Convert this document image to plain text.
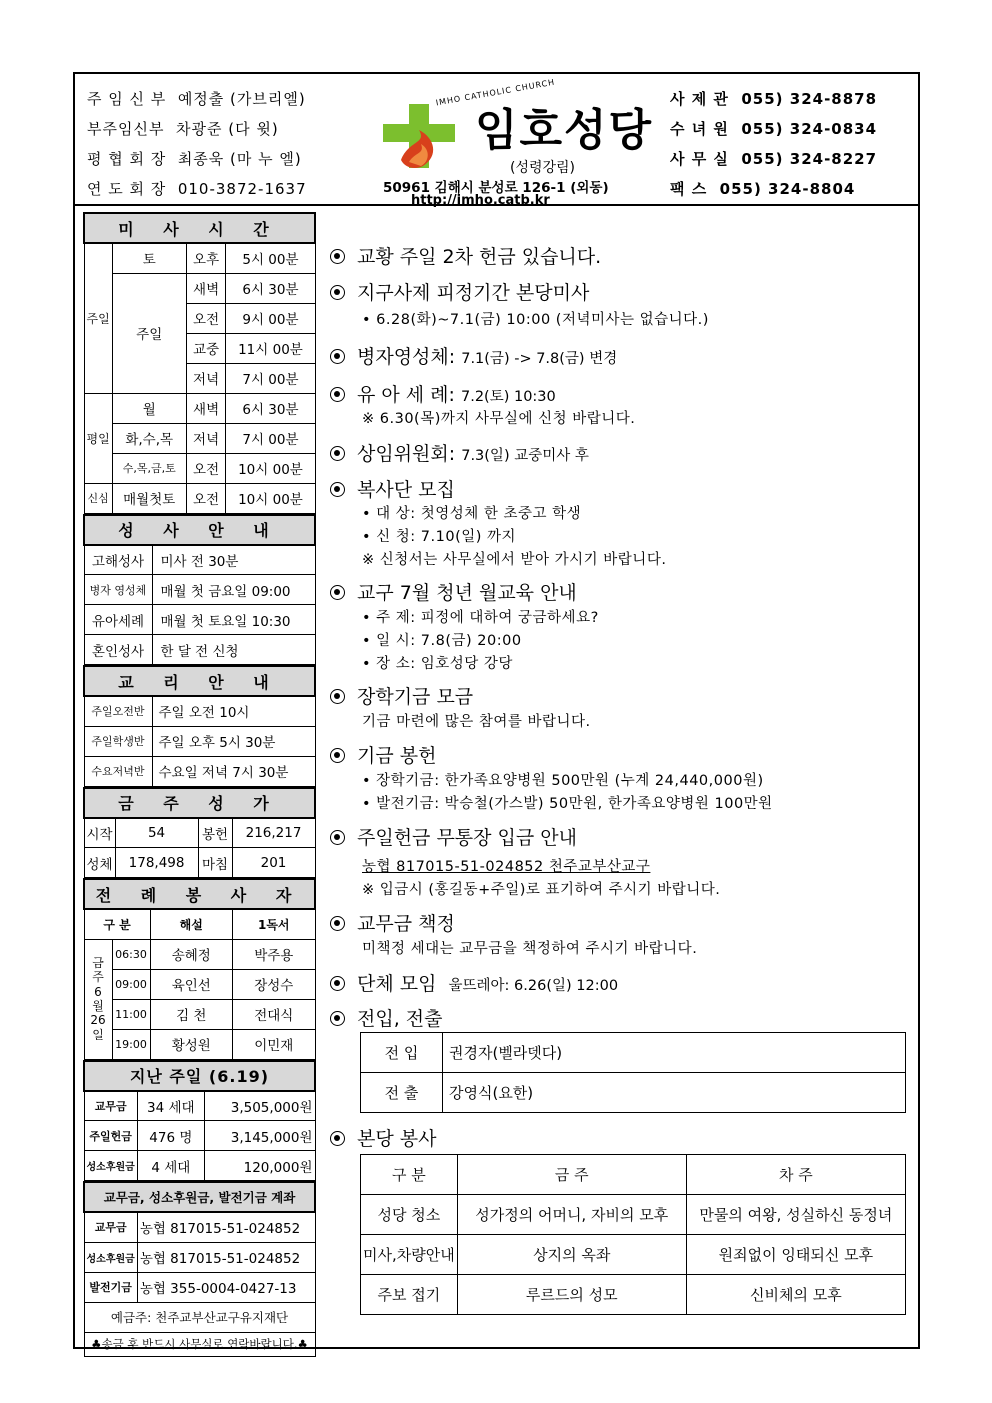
주 임 신 부 예정출 (가브리엘)
부주임신부 차광준 (다 윗)
평 협 회 장 최종욱 (마 누 엘)
연 도 회 장 010-3872-1637
IMHO CATHOLIC CHURCH
임호성당
(성령강림)
50961 김해시 분성로 126-1 (외동)
http://imho.catb.kr
사 제 관 055) 324-8878
수 녀 원 055) 324-0834
사 무 실 055) 324-8227
팩 스 055) 324-8804
미 사 시 간			
주일	토	오후	5시 00분
	주일	새벽	6시 30분
		오전	9시 00분
		교중	11시 00분
		저녁	7시 00분
평일	월	새벽	6시 30분
	화,수,목	저녁	7시 00분
	수,목,금,토	오전	10시 00분
신심	매월첫토	오전	10시 00분
성 사 안 내	
고해성사	미사 전 30분
병자 영성체	매월 첫 금요일 09:00
유아세례	매월 첫 토요일 10:30
혼인성사	한 달 전 신청
교 리 안 내	
주일오전반	주일 오전 10시
주일학생반	주일 오후 5시 30분
수요저녁반	수요일 저녁 7시 30분
금 주 성 가			
시작	54	봉헌	216,217
성체	178,498	마침	201
전 례 봉 사 자			
구 분		해설	1독서
금주 6 월 26 일	06:30	송혜정	박주용
	09:00	육인선	장성수
	11:00	김 천	전대식
	19:00	황성원	이민재
지난 주일 (6.19)		
교무금	34 세대	3,505,000원
주일헌금	476 명	3,145,000원
성소후원금	4 세대	120,000원
교무금, 성소후원금, 발전기금 계좌	
교무금	농협 817015-51-024852
성소후원금	농협 817015-51-024852
발전기금	농협 355-0004-0427-13
예금주: 천주교부산교구유지재단	
♣송금 후 반드시 사무실로 연락바랍니다.♣	
교황 주일 2차 헌금 있습니다.
지구사제 피정기간 본당미사
• 6.28(화)~7.1(금) 10:00 (저녁미사는 없습니다.)
병자영성체: 7.1(금) -> 7.8(금) 변경
유 아 세 례: 7.2(토) 10:30
※ 6.30(목)까지 사무실에 신청 바랍니다.
상임위원회: 7.3(일) 교중미사 후
복사단 모집
• 대 상: 첫영성체 한 초중고 학생
• 신 청: 7.10(일) 까지
※ 신청서는 사무실에서 받아 가시기 바랍니다.
교구 7월 청년 월교육 안내
• 주 제: 피정에 대하여 궁금하세요?
• 일 시: 7.8(금) 20:00
• 장 소: 임호성당 강당
장학기금 모금
기금 마련에 많은 참여를 바랍니다.
기금 봉헌
• 장학기금: 한가족요양병원 500만원 (누계 24,440,000원)
• 발전기금: 박승철(가스발) 50만원, 한가족요양병원 100만원
주일헌금 무통장 입금 안내
농협 817015-51-024852 천주교부산교구
※ 입금시 (홍길동+주일)로 표기하여 주시기 바랍니다.
교무금 책정
미책정 세대는 교무금을 책정하여 주시기 바랍니다.
단체 모임 울뜨레아: 6.26(일) 12:00
전입, 전출
전 입	권경자(벨라뎃다)
전 출	강영식(요한)
본당 봉사
구 분	금 주	차 주
성당 청소	성가정의 어머니, 자비의 모후	만물의 여왕, 성실하신 동정녀
미사,차량안내	상지의 옥좌	원죄없이 잉태되신 모후
주보 접기	루르드의 성모	신비체의 모후
